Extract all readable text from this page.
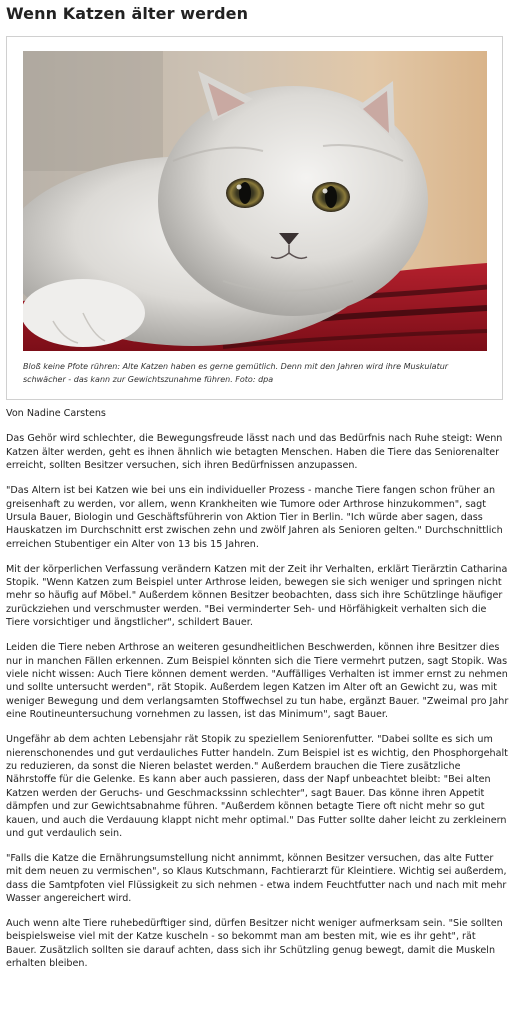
Wenn Katzen älter werden

Bloß keine Pfote rühren: Alte Katzen haben es gerne gemütlich. Denn mit den Jahren wird ihre Muskulatur schwächer - das kann zur Gewichtszunahme führen. Foto: dpa

Von Nadine Carstens

Das Gehör wird schlechter, die Bewegungsfreude lässt nach und das Bedürfnis nach Ruhe steigt: Wenn Katzen älter werden, geht es ihnen ähnlich wie betagten Menschen. Haben die Tiere das Seniorenalter erreicht, sollten Besitzer versuchen, sich ihren Bedürfnissen anzupassen.

"Das Altern ist bei Katzen wie bei uns ein individueller Prozess - manche Tiere fangen schon früher an greisenhaft zu werden, vor allem, wenn Krankheiten wie Tumore oder Arthrose hinzukommen", sagt Ursula Bauer, Biologin und Geschäftsführerin von Aktion Tier in Berlin. "Ich würde aber sagen, dass Hauskatzen im Durchschnitt erst zwischen zehn und zwölf Jahren als Senioren gelten." Durchschnittlich erreichen Stubentiger ein Alter von 13 bis 15 Jahren.

Mit der körperlichen Verfassung verändern Katzen mit der Zeit ihr Verhalten, erklärt Tierärztin Catharina Stopik. "Wenn Katzen zum Beispiel unter Arthrose leiden, bewegen sie sich weniger und springen nicht mehr so häufig auf Möbel." Außerdem können Besitzer beobachten, dass sich ihre Schützlinge häufiger zurückziehen und verschmuster werden. "Bei verminderter Seh- und Hörfähigkeit verhalten sich die Tiere vorsichtiger und ängstlicher", schildert Bauer.

Leiden die Tiere neben Arthrose an weiteren gesundheitlichen Beschwerden, können ihre Besitzer dies nur in manchen Fällen erkennen. Zum Beispiel könnten sich die Tiere vermehrt putzen, sagt Stopik. Was viele nicht wissen: Auch Tiere können dement werden. "Auffälliges Verhalten ist immer ernst zu nehmen und sollte untersucht werden", rät Stopik. Außerdem legen Katzen im Alter oft an Gewicht zu, was mit weniger Bewegung und dem verlangsamten Stoffwechsel zu tun habe, ergänzt Bauer. "Zweimal pro Jahr eine Routineuntersuchung vornehmen zu lassen, ist das Minimum", sagt Bauer.

Ungefähr ab dem achten Lebensjahr rät Stopik zu speziellem Seniorenfutter. "Dabei sollte es sich um nierenschonendes und gut verdauliches Futter handeln. Zum Beispiel ist es wichtig, den Phosphorgehalt zu reduzieren, da sonst die Nieren belastet werden." Außerdem brauchen die Tiere zusätzliche Nährstoffe für die Gelenke. Es kann aber auch passieren, dass der Napf unbeachtet bleibt: "Bei alten Katzen werden der Geruchs- und Geschmackssinn schlechter", sagt Bauer. Das könne ihren Appetit dämpfen und zur Gewichtsabnahme führen. "Außerdem können betagte Tiere oft nicht mehr so gut kauen, und auch die Verdauung klappt nicht mehr optimal." Das Futter sollte daher leicht zu zerkleinern und gut verdaulich sein.

"Falls die Katze die Ernährungsumstellung nicht annimmt, können Besitzer versuchen, das alte Futter mit dem neuen zu vermischen", so Klaus Kutschmann, Fachtierarzt für Kleintiere. Wichtig sei außerdem, dass die Samtpfoten viel Flüssigkeit zu sich nehmen - etwa indem Feuchtfutter nach und nach mit mehr Wasser angereichert wird.

Auch wenn alte Tiere ruhebedürftiger sind, dürfen Besitzer nicht weniger aufmerksam sein. "Sie sollten beispielsweise viel mit der Katze kuscheln - so bekommt man am besten mit, wie es ihr geht", rät Bauer. Zusätzlich sollten sie darauf achten, dass sich ihr Schützling genug bewegt, damit die Muskeln erhalten bleiben.
